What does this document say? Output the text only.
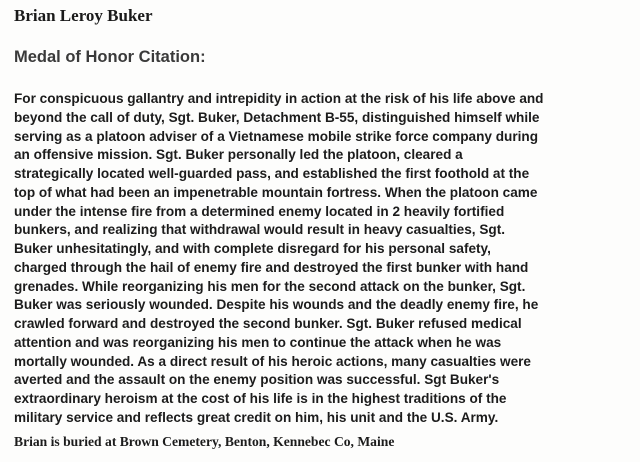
Brian Leroy Buker
Medal of Honor Citation:

For conspicuous gallantry and intrepidity in action at the risk of his life above and
beyond the call of duty, Sgt. Buker, Detachment B-55, distinguished himself while
serving as a platoon adviser of a Vietnamese mobile strike force company during
an offensive mission. Sgt. Buker personally led the platoon, cleared a
strategically located well-guarded pass, and established the first foothold at the
top of what had been an impenetrable mountain fortress. When the platoon came
under the intense fire from a determined enemy located in 2 heavily fortified
bunkers, and realizing that withdrawal would result in heavy casualties, Sgt.
Buker unhesitatingly, and with complete disregard for his personal safety,
charged through the hail of enemy fire and destroyed the first bunker with hand
grenades. While reorganizing his men for the second attack on the bunker, Sgt.
Buker was seriously wounded. Despite his wounds and the deadly enemy fire, he
crawled forward and destroyed the second bunker. Sgt. Buker refused medical
attention and was reorganizing his men to continue the attack when he was
mortally wounded. As a direct result of his heroic actions, many casualties were
averted and the assault on the enemy position was successful. Sgt Buker's
extraordinary heroism at the cost of his life is in the highest traditions of the
military service and reflects great credit on him, his unit and the U.S. Army.

Brian is buried at Brown Cemetery, Benton, Kennebec Co, Maine
